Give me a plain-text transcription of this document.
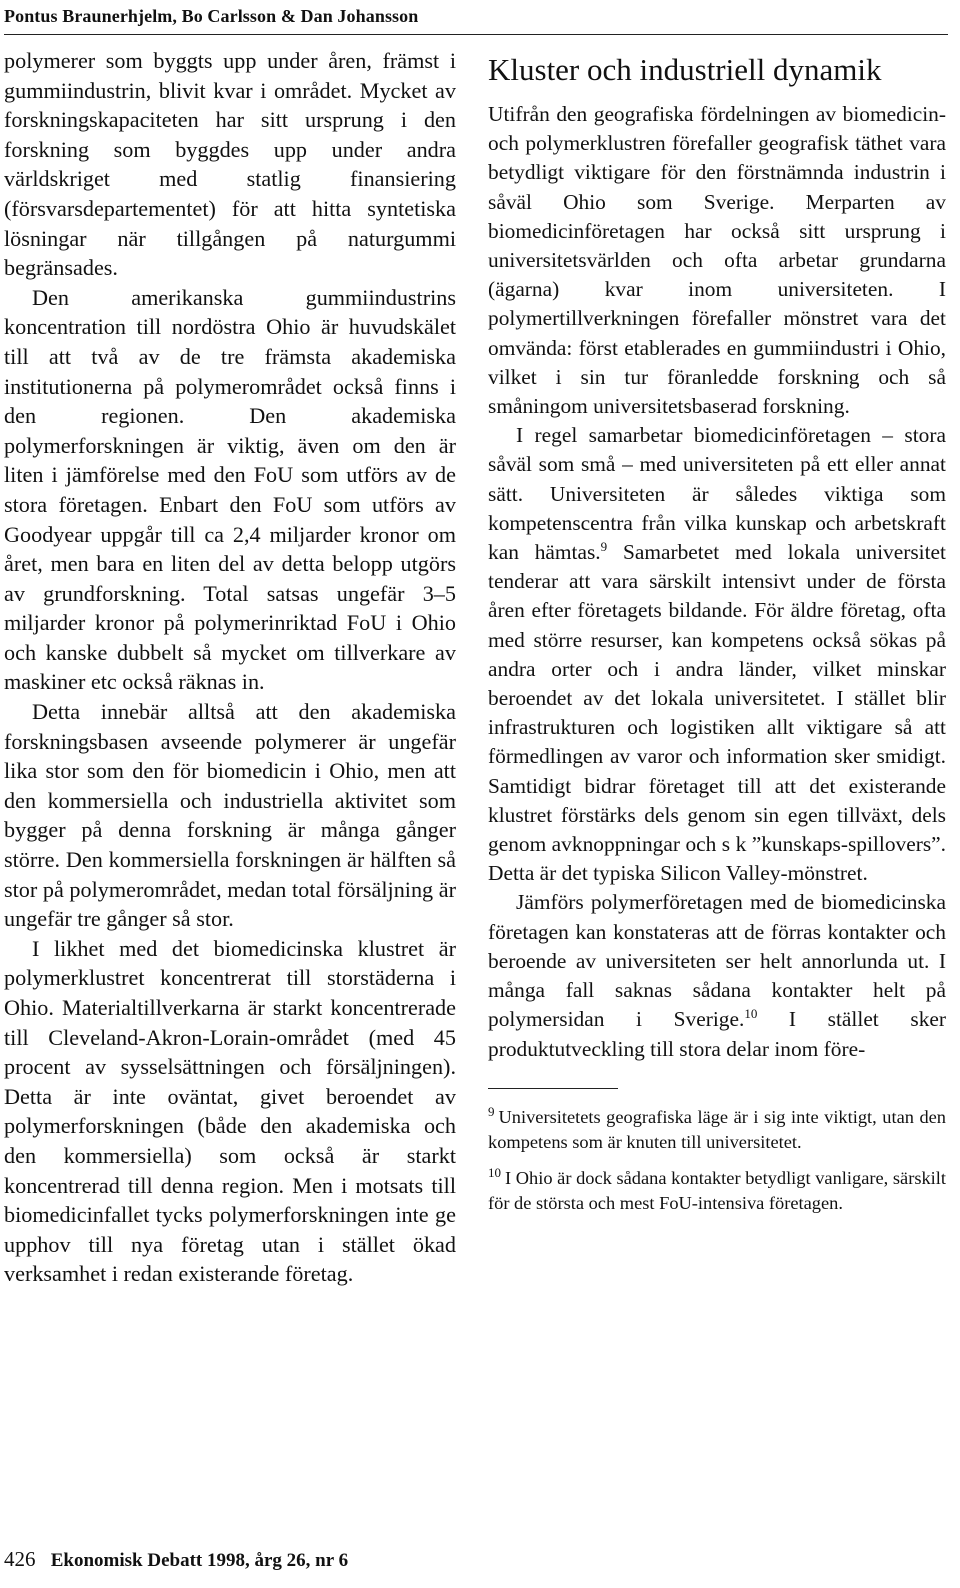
Pontus Braunerhjelm, Bo Carlsson & Dan Johansson

polymerer som byggts upp under åren, främst i gummiindustrin, blivit kvar i området. Mycket av forskningskapaciteten har sitt ursprung i den forskning som byggdes upp under andra världskriget med statlig finansiering (försvarsdepartementet) för att hitta syntetiska lösningar när tillgången på naturgummi begränsades.

Den amerikanska gummiindustrins koncentration till nordöstra Ohio är huvudskälet till att två av de tre främsta akademiska institutionerna på polymerområdet också finns i den regionen. Den akademiska polymerforskningen är viktig, även om den är liten i jämförelse med den FoU som utförs av de stora företagen. Enbart den FoU som utförs av Goodyear uppgår till ca 2,4 miljarder kronor om året, men bara en liten del av detta belopp utgörs av grundforskning. Total satsas ungefär 3–5 miljarder kronor på polymerinriktad FoU i Ohio och kanske dubbelt så mycket om tillverkare av maskiner etc också räknas in.

Detta innebär alltså att den akademiska forskningsbasen avseende polymerer är ungefär lika stor som den för biomedicin i Ohio, men att den kommersiella och industriella aktivitet som bygger på denna forskning är många gånger större. Den kommersiella forskningen är hälften så stor på polymerområdet, medan total försäljning är ungefär tre gånger så stor.

I likhet med det biomedicinska klustret är polymerklustret koncentrerat till storstäderna i Ohio. Materialtillverkarna är starkt koncentrerade till Cleveland-Akron-Lorain-området (med 45 procent av sysselsättningen och försäljningen). Detta är inte oväntat, givet beroendet av polymerforskningen (både den akademiska och den kommersiella) som också är starkt koncentrerad till denna region. Men i motsats till biomedicinfallet tycks polymerforskningen inte ge upphov till nya företag utan i stället ökad verksamhet i redan existerande företag.

Kluster och industriell dynamik

Utifrån den geografiska fördelningen av biomedicin- och polymerklustren förefaller geografisk täthet vara betydligt viktigare för den förstnämnda industrin i såväl Ohio som Sverige. Merparten av biomedicinföretagen har också sitt ursprung i universitetsvärlden och ofta arbetar grundarna (ägarna) kvar inom universiteten. I polymertillverkningen förefaller mönstret vara det omvända: först etablerades en gummiindustri i Ohio, vilket i sin tur föranledde forskning och så småningom universitetsbaserad forskning.

I regel samarbetar biomedicinföretagen – stora såväl som små – med universiteten på ett eller annat sätt. Universiteten är således viktiga som kompetenscentra från vilka kunskap och arbetskraft kan hämtas.$^9$ Samarbetet med lokala universitet tenderar att vara särskilt intensivt under de första åren efter företagets bildande. För äldre företag, ofta med större resurser, kan kompetens också sökas på andra orter och i andra länder, vilket minskar beroendet av det lokala universitetet. I stället blir infrastrukturen och logistiken allt viktigare så att förmedlingen av varor och information sker smidigt. Samtidigt bidrar företaget till att det existerande klustret förstärks dels genom sin egen tillväxt, dels genom avknoppningar och s k ”kunskaps-spillovers”. Detta är det typiska Silicon Valley-mönstret.

Jämförs polymerföretagen med de biomedicinska företagen kan konstateras att de förras kontakter och beroende av universiteten ser helt annorlunda ut. I många fall saknas sådana kontakter helt på polymersidan i Sverige.$^{10}$ I stället sker produktutveckling till stora delar inom före-

$^9$ Universitetets geografiska läge är i sig inte viktigt, utan den kompetens som är knuten till universitetet.

$^{10}$ I Ohio är dock sådana kontakter betydligt vanligare, särskilt för de största och mest FoU-intensiva företagen.

426 Ekonomisk Debatt 1998, årg 26, nr 6
